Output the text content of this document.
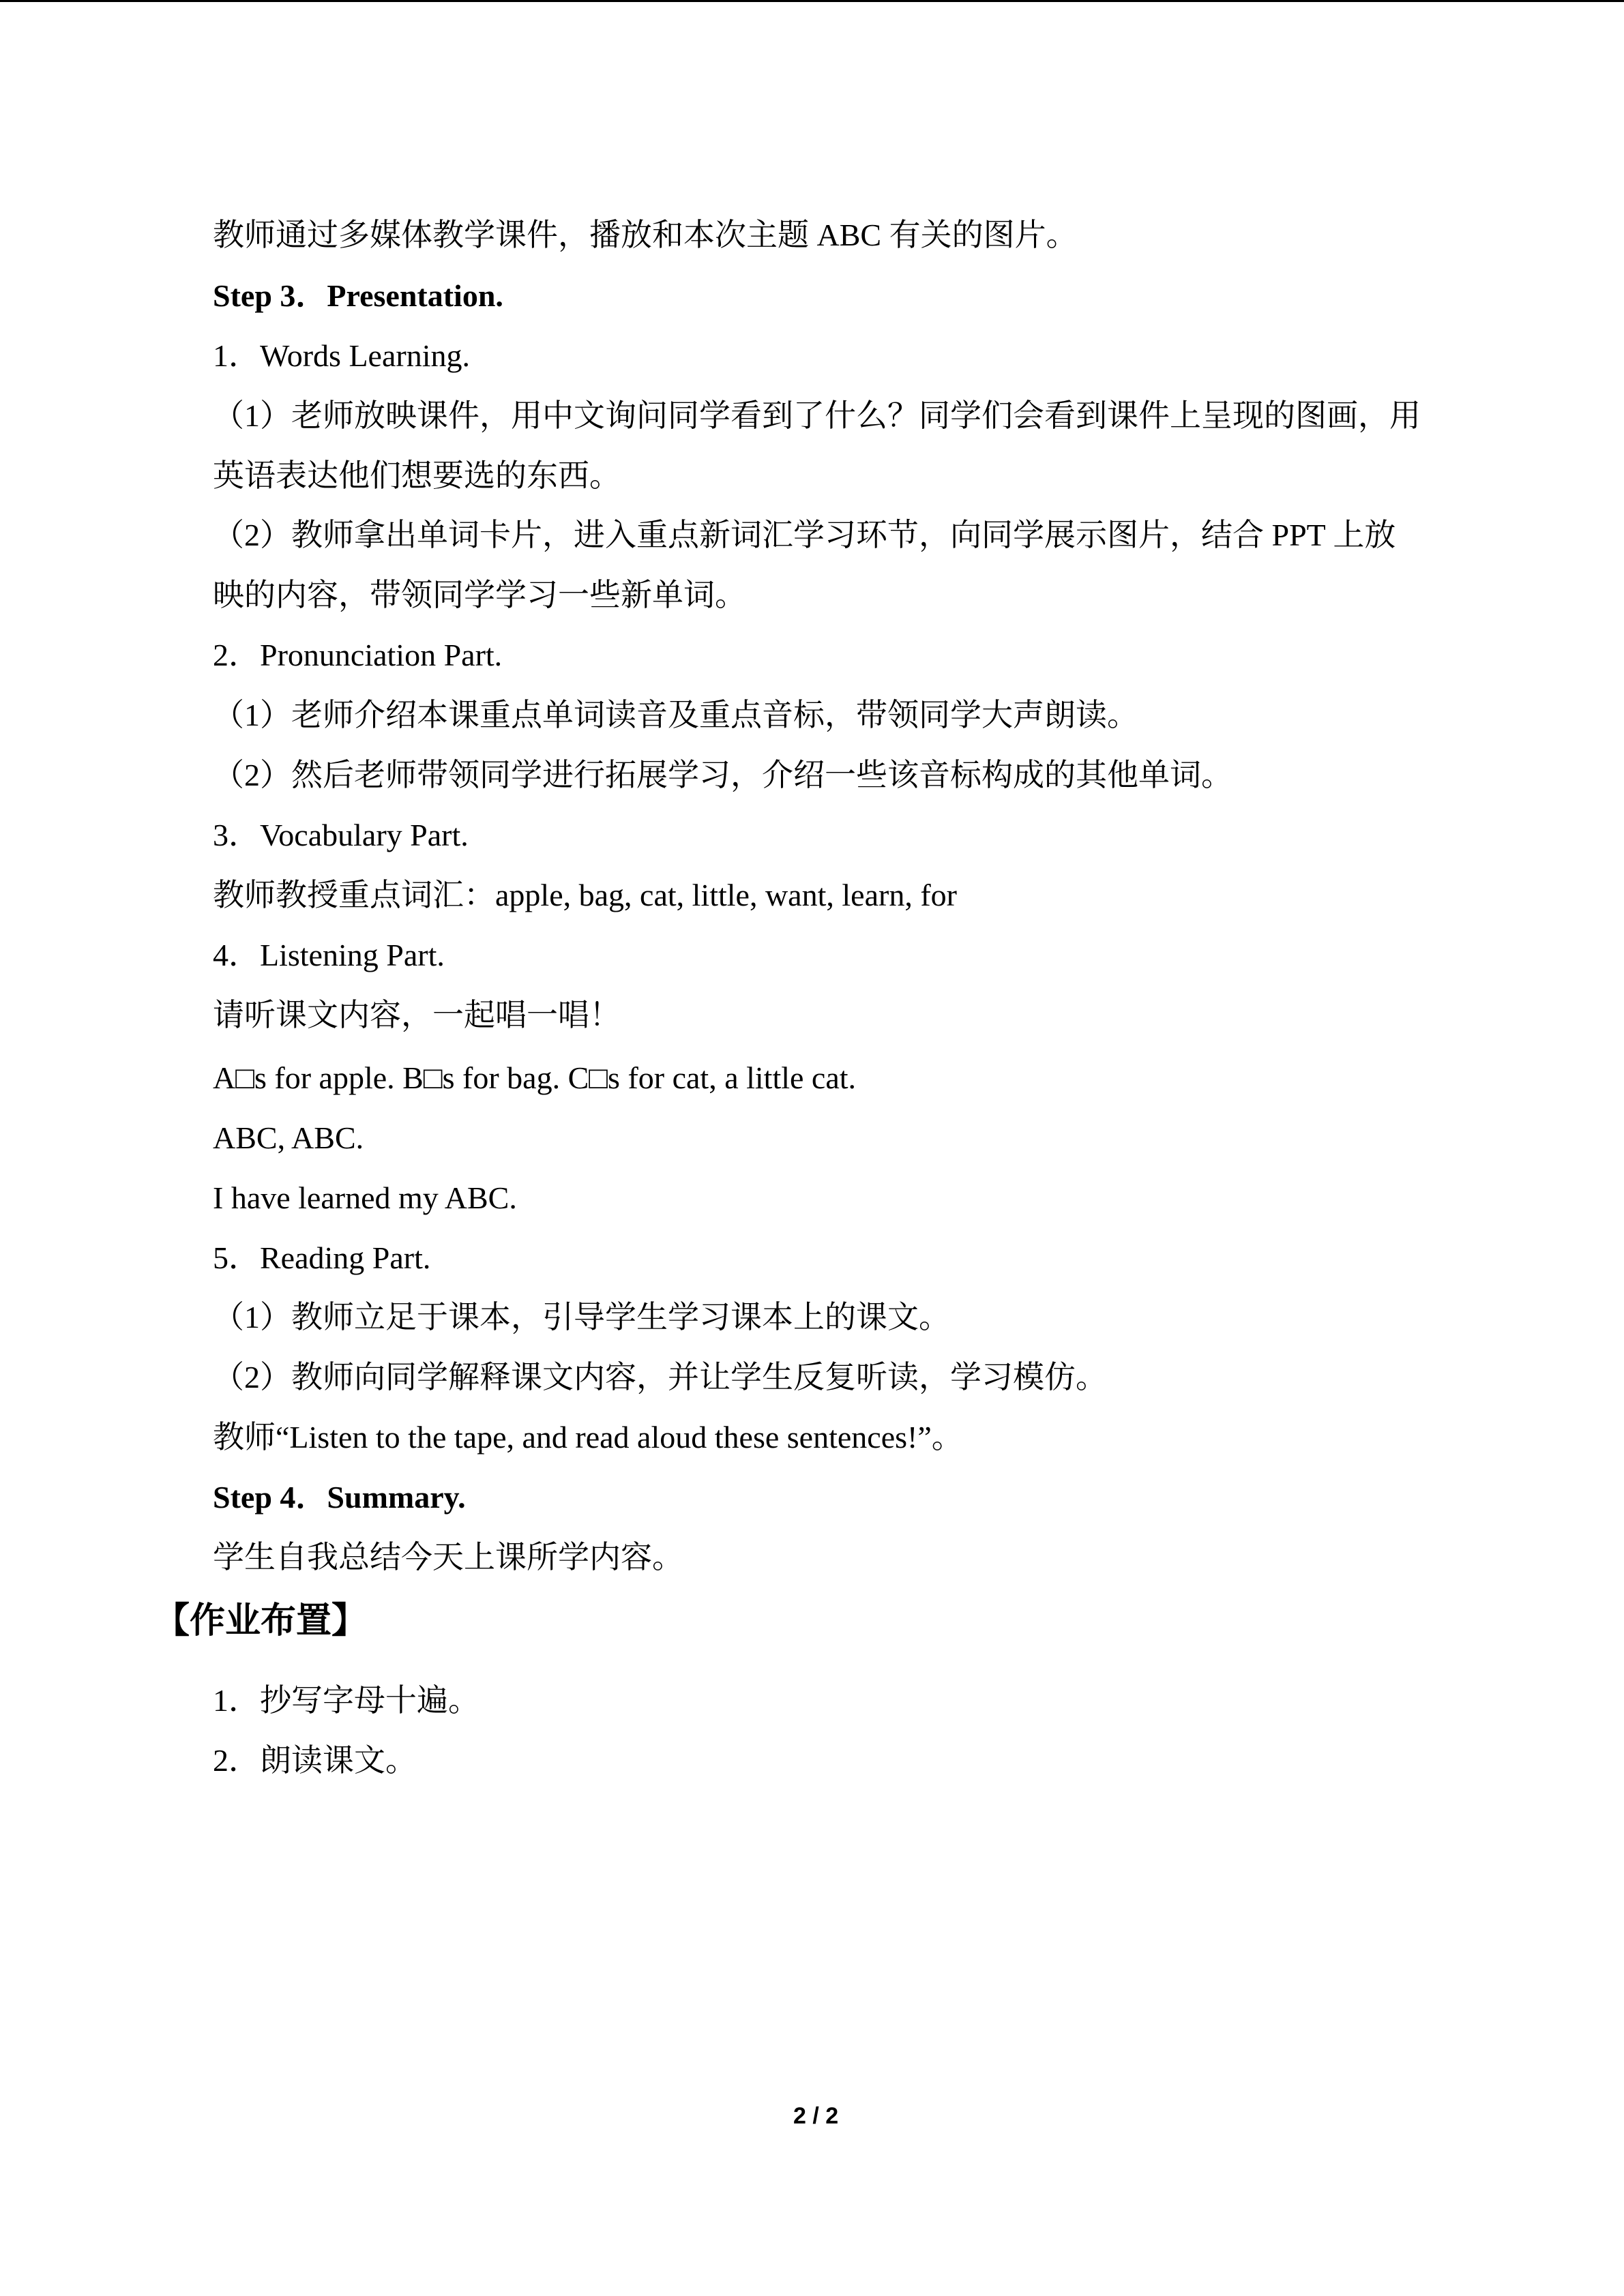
教师通过多媒体教学课件，播放和本次主题 ABC 有关的图片。
Step 3．Presentation.
1．Words Learning.
（1）老师放映课件，用中文询问同学看到了什么？同学们会看到课件上呈现的图画，用
英语表达他们想要选的东西。
（2）教师拿出单词卡片，进入重点新词汇学习环节，向同学展示图片，结合 PPT 上放
映的内容，带领同学学习一些新单词。
2．Pronunciation Part.
（1）老师介绍本课重点单词读音及重点音标，带领同学大声朗读。
（2）然后老师带领同学进行拓展学习，介绍一些该音标构成的其他单词。
3．Vocabulary Part.
教师教授重点词汇：apple, bag, cat, little, want, learn, for
4．Listening Part.
请听课文内容，一起唱一唱！
A□s for apple. B□s for bag. C□s for cat, a little cat.
ABC, ABC.
I have learned my ABC.
5．Reading Part.
（1）教师立足于课本，引导学生学习课本上的课文。
（2）教师向同学解释课文内容，并让学生反复听读，学习模仿。
教师“Listen to the tape, and read aloud these sentences!”。
Step 4．Summary.
学生自我总结今天上课所学内容。
【作业布置】
1．抄写字母十遍。
2．朗读课文。
2 / 2
